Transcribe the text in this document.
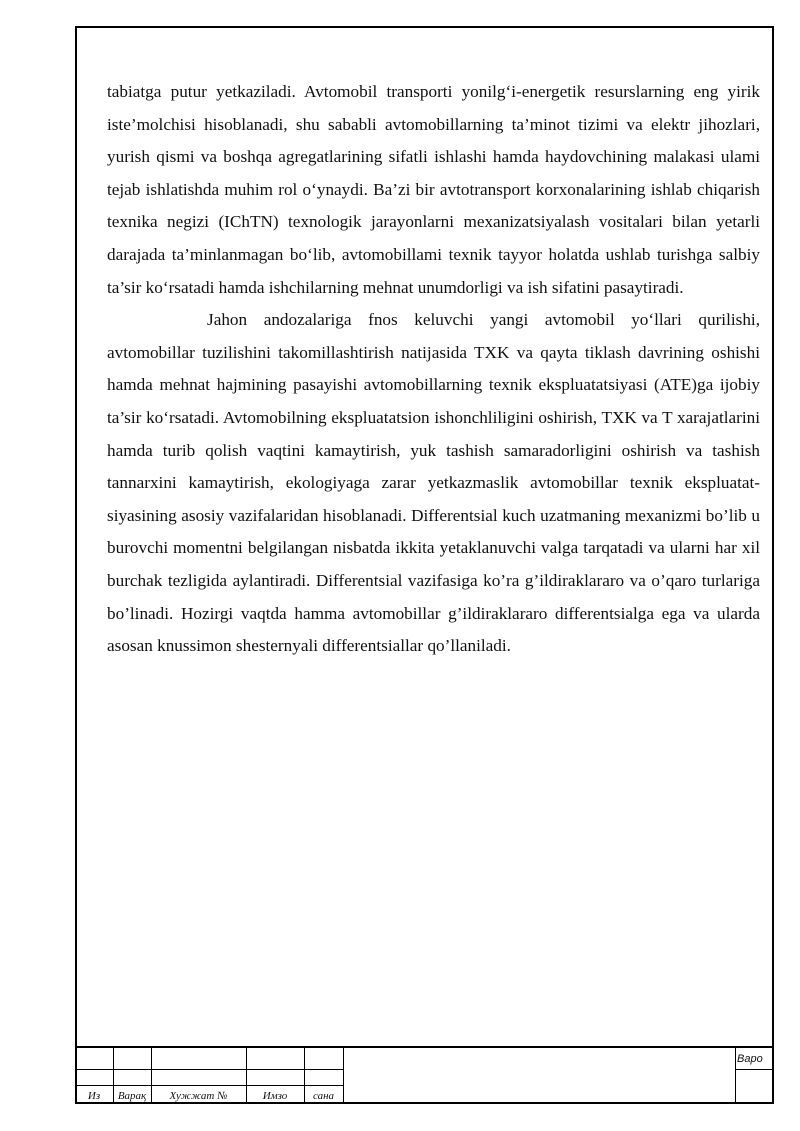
tabiatga putur yetkaziladi. Avtomobil transporti yonilg‘i-energetik resurslarning eng yirik iste’molchisi hisoblanadi, shu sababli avtomobillarning ta’minot tizimi va elektr jihozlari, yurish qismi va boshqa agregatlarining sifatli ishlashi hamda haydovchining malakasi ulami tejab ishlatishda muhim rol o‘ynaydi. Ba’zi bir avtotransport korxonalarining ishlab chiqarish texnika negizi (IChTN) texnologik jarayonlarni mexanizatsiyalash vositalari bilan yetarli darajada ta’minlanmagan bo‘lib, avtomobillami texnik tayyor holatda ushlab turishga salbiy ta’sir ko‘rsatadi hamda ishchilarning mehnat unumdorligi va ish sifatini pasaytiradi.

Jahon andozalariga fnos keluvchi yangi avtomobil yo‘llari qurilishi, avtomobillar tuzilishini takomillashtirish natijasida TXK va qayta tiklash davrining oshishi hamda mehnat hajmining pasayishi avtomobillarning texnik ekspluatatsiyasi (ATE)ga ijobiy ta’sir ko‘rsatadi. Avtomobilning ekspluatatsion ishonchliligini oshirish, TXK va T xarajatlarini hamda turib qolish vaqtini kamaytirish, yuk tashish samaradorligini oshirish va tashish tannarxini kamaytirish, ekologiyaga zarar yetkazmaslik avtomobillar texnik ekspluatat- siyasining asosiy vazifalaridan hisoblanadi. Differentsial kuch uzatmaning mexanizmi bo’lib u burovchi momentni belgilangan nisbatda ikkita yetaklanuvchi valga tarqatadi va ularni har xil burchak tezligida aylantiradi. Differentsial vazifasiga ko’ra g’ildiraklararo va o’qaro turlariga bo’linadi. Hozirgi vaqtda hamma avtomobillar g’ildiraklararo differentsialga ega va ularda asosan knussimon shesternyali differentsiallar qo’llaniladi.

Из	Варақ	Хужжат №	Имзо	сана
Варо
